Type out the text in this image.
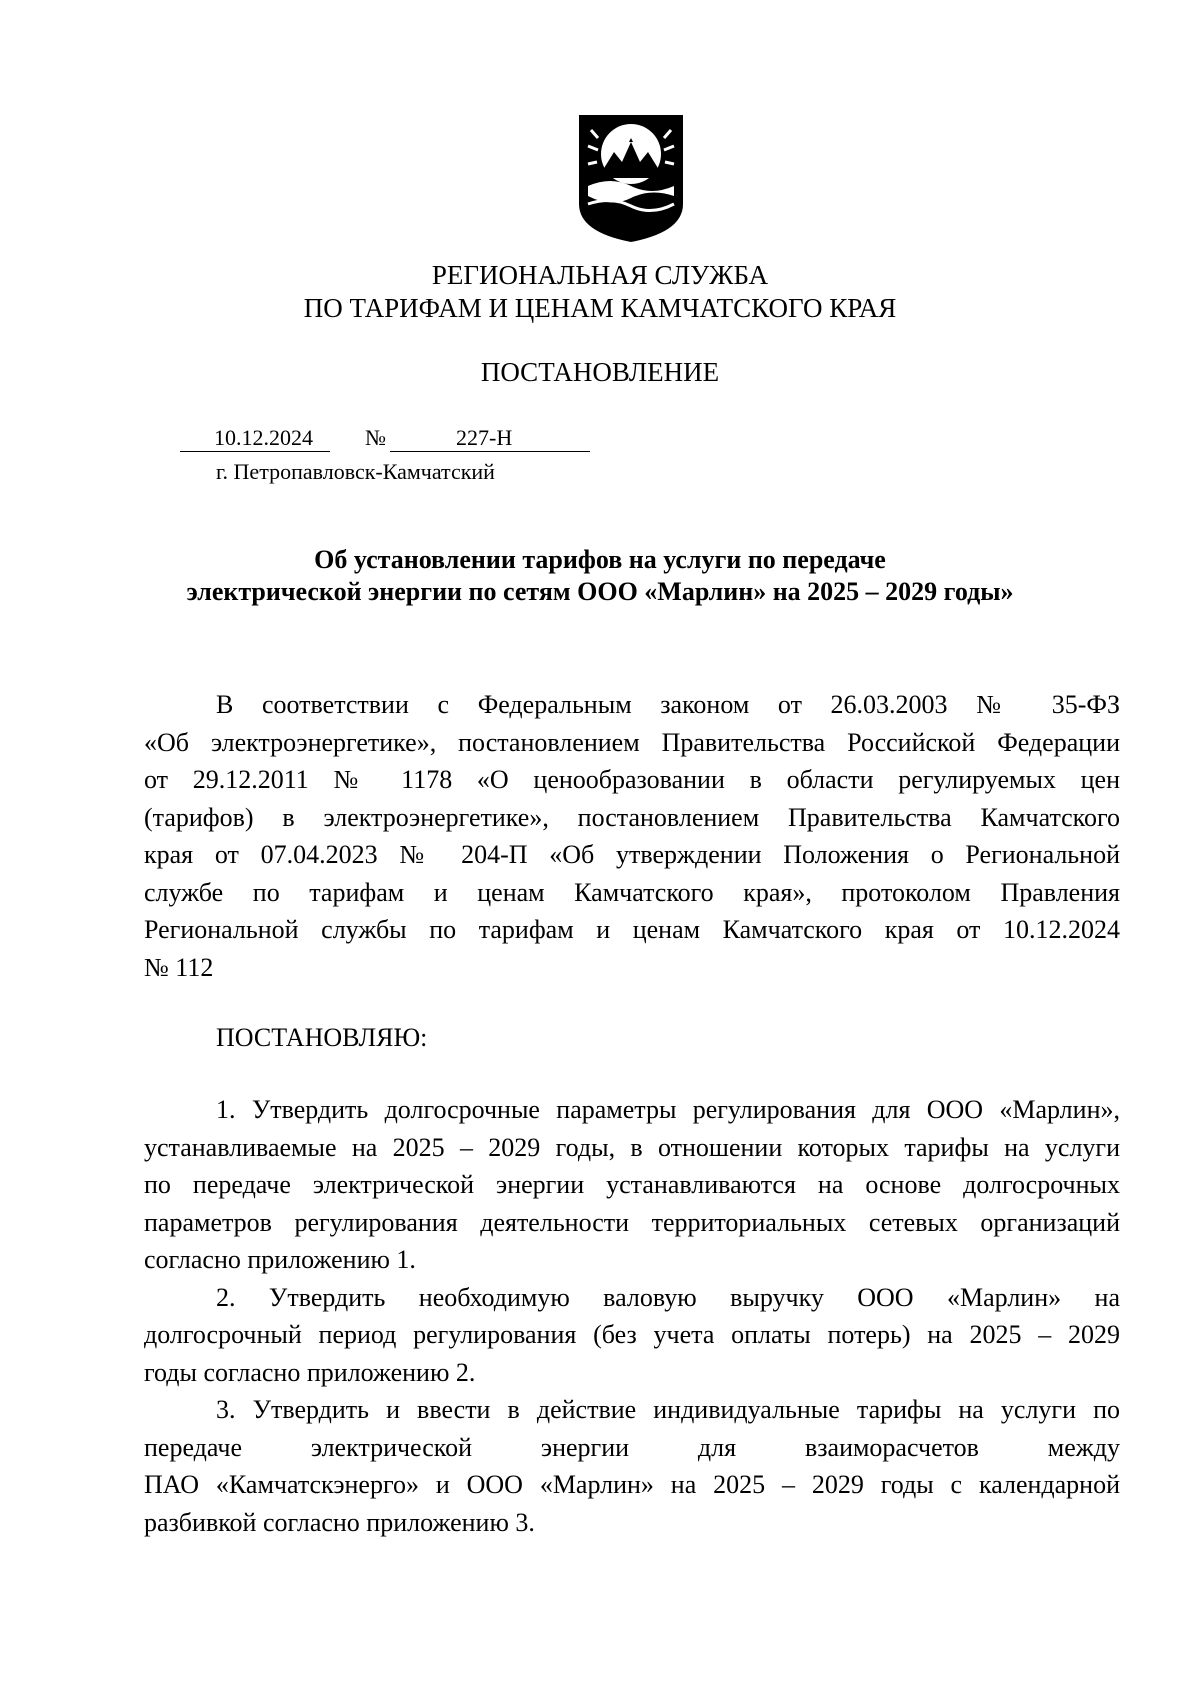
РЕГИОНАЛЬНАЯ СЛУЖБА
ПО ТАРИФАМ И ЦЕНАМ КАМЧАТСКОГО КРАЯ
ПОСТАНОВЛЕНИЕ
10.12.2024 №	227-Н
г. Петропавловск-Камчатский
Об установлении тарифов на услуги по передаче
электрической энергии по сетям ООО «Марлин» на 2025 – 2029 годы»
В соответствии с Федеральным законом от 26.03.2003 № 35-ФЗ
«Об электроэнергетике», постановлением Правительства Российской Федерации
от 29.12.2011 № 1178 «О ценообразовании в области регулируемых цен
(тарифов) в электроэнергетике», постановлением Правительства Камчатского
края от 07.04.2023 № 204-П «Об утверждении Положения о Региональной
службе по тарифам и ценам Камчатского края», протоколом Правления
Региональной службы по тарифам и ценам Камчатского края от 10.12.2024
№ 112
ПОСТАНОВЛЯЮ:
1. Утвердить долгосрочные параметры регулирования для ООО «Марлин»,
устанавливаемые на 2025 – 2029 годы, в отношении которых тарифы на услуги
по передаче электрической энергии устанавливаются на основе долгосрочных
параметров регулирования деятельности территориальных сетевых организаций
согласно приложению 1.
2. Утвердить необходимую валовую выручку ООО «Марлин» на
долгосрочный период регулирования (без учета оплаты потерь) на 2025 – 2029
годы согласно приложению 2.
3. Утвердить и ввести в действие индивидуальные тарифы на услуги по
передаче электрической энергии для взаиморасчетов между
ПАО «Камчатскэнерго» и ООО «Марлин» на 2025 – 2029 годы с календарной
разбивкой согласно приложению 3.
